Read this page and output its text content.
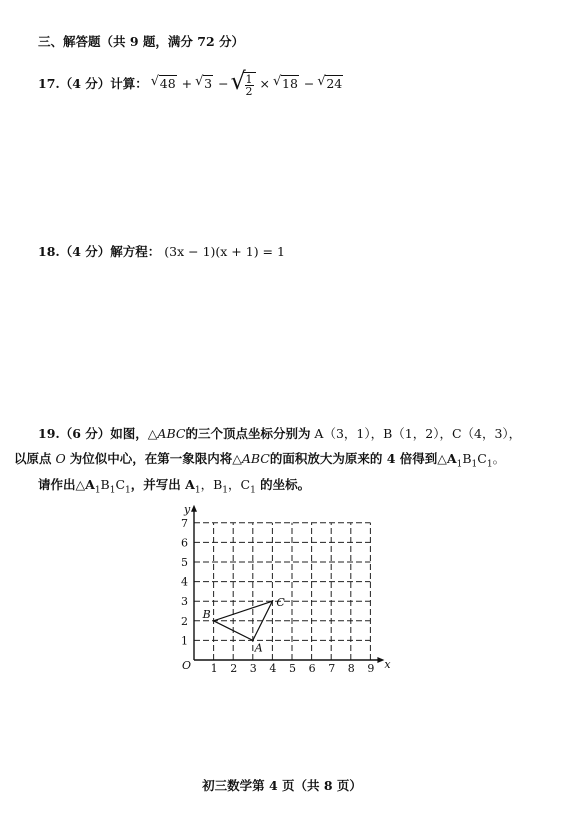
三、解答题（共 9 题，满分 72 分）
17.（4 分）计算： √ 48 + √ 3 − √ $\frac{1}{2}$ × √ 18 − √ 24
18.（4 分）解方程： (3x − 1)(x + 1) = 1
19.（6 分）如图，△ABC的三个顶点坐标分别为 A（3，1），B（1，2），C（4，3），
以原点 O 为位似中心，在第一象限内将△ABC的面积放大为原来的 4 倍得到$\triangle A_1B_1C_1$。
请作出$\triangle A_1B_1C_1$，并写出 $A_1$，$B_1$，$C_1$ 的坐标。
x
y
O 1 2 3 4 5 6 7 8 9
1
2
3
4
5
6
7
A
B
C
初三数学第 4 页（共 8 页）
